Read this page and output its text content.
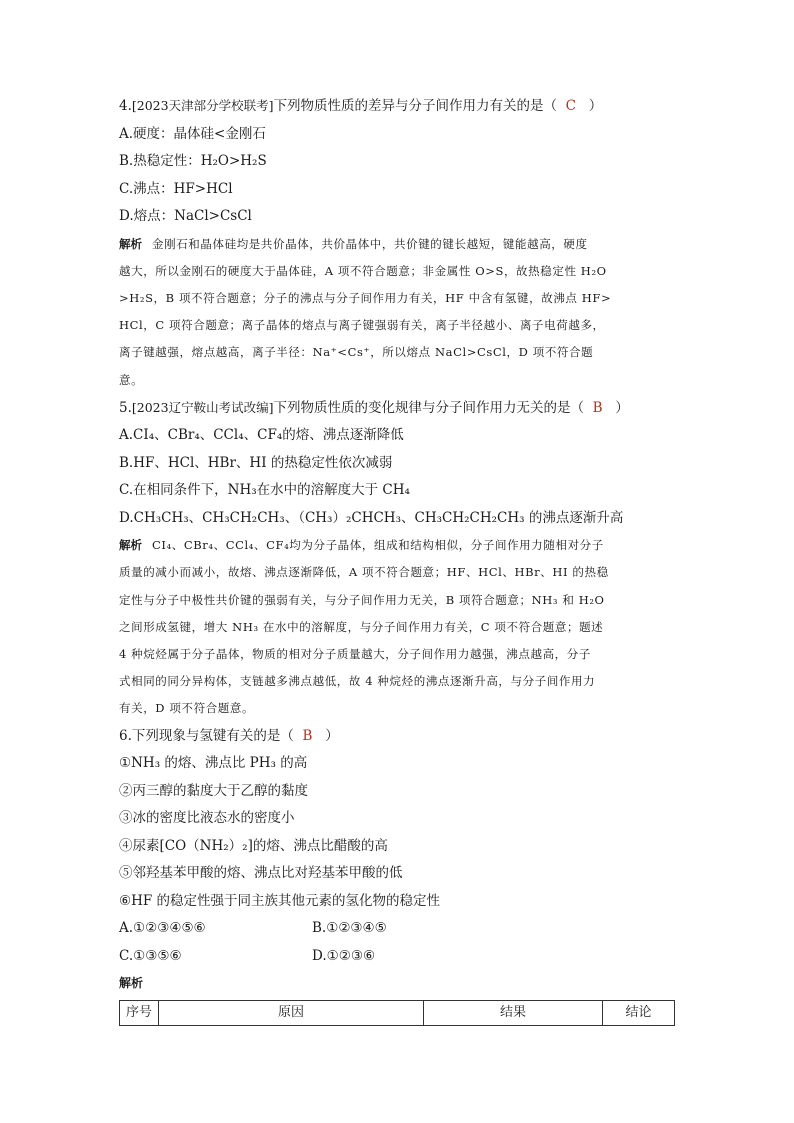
4.[2023天津部分学校联考]下列物质性质的差异与分子间作用力有关的是（ C ）
A.硬度：晶体硅<金刚石
B.热稳定性：H₂O>H₂S
C.沸点：HF>HCl
D.熔点：NaCl>CsCl
解析 金刚石和晶体硅均是共价晶体，共价晶体中，共价键的键长越短，键能越高，硬度
越大，所以金刚石的硬度大于晶体硅，A 项不符合题意；非金属性 O>S，故热稳定性 H₂O
>H₂S，B 项不符合题意；分子的沸点与分子间作用力有关，HF 中含有氢键，故沸点 HF>
HCl，C 项符合题意；离子晶体的熔点与离子键强弱有关，离子半径越小、离子电荷越多，
离子键越强，熔点越高，离子半径：Na⁺<Cs⁺，所以熔点 NaCl>CsCl，D 项不符合题
意。
5.[2023辽宁鞍山考试改编]下列物质性质的变化规律与分子间作用力无关的是（ B ）
A.CI₄、CBr₄、CCl₄、CF₄的熔、沸点逐渐降低
B.HF、HCl、HBr、HI 的热稳定性依次减弱
C.在相同条件下，NH₃在水中的溶解度大于 CH₄
D.CH₃CH₃、CH₃CH₂CH₃、（CH₃）₂CHCH₃、CH₃CH₂CH₂CH₃ 的沸点逐渐升高
解析 CI₄、CBr₄、CCl₄、CF₄均为分子晶体，组成和结构相似，分子间作用力随相对分子
质量的减小而减小，故熔、沸点逐渐降低，A 项不符合题意；HF、HCl、HBr、HI 的热稳
定性与分子中极性共价键的强弱有关，与分子间作用力无关，B 项符合题意；NH₃ 和 H₂O
之间形成氢键，增大 NH₃ 在水中的溶解度，与分子间作用力有关，C 项不符合题意；题述
4 种烷烃属于分子晶体，物质的相对分子质量越大，分子间作用力越强，沸点越高，分子
式相同的同分异构体，支链越多沸点越低，故 4 种烷烃的沸点逐渐升高，与分子间作用力
有关，D 项不符合题意。
6.下列现象与氢键有关的是（ B ）
①NH₃ 的熔、沸点比 PH₃ 的高
②丙三醇的黏度大于乙醇的黏度
③冰的密度比液态水的密度小
④尿素[CO（NH₂）₂]的熔、沸点比醋酸的高
⑤邻羟基苯甲酸的熔、沸点比对羟基苯甲酸的低
⑥HF 的稳定性强于同主族其他元素的氢化物的稳定性
A.①②③④⑤⑥	B.①②③④⑤
C.①③⑤⑥	D.①②③⑥
解析
序号	原因	结果	结论
